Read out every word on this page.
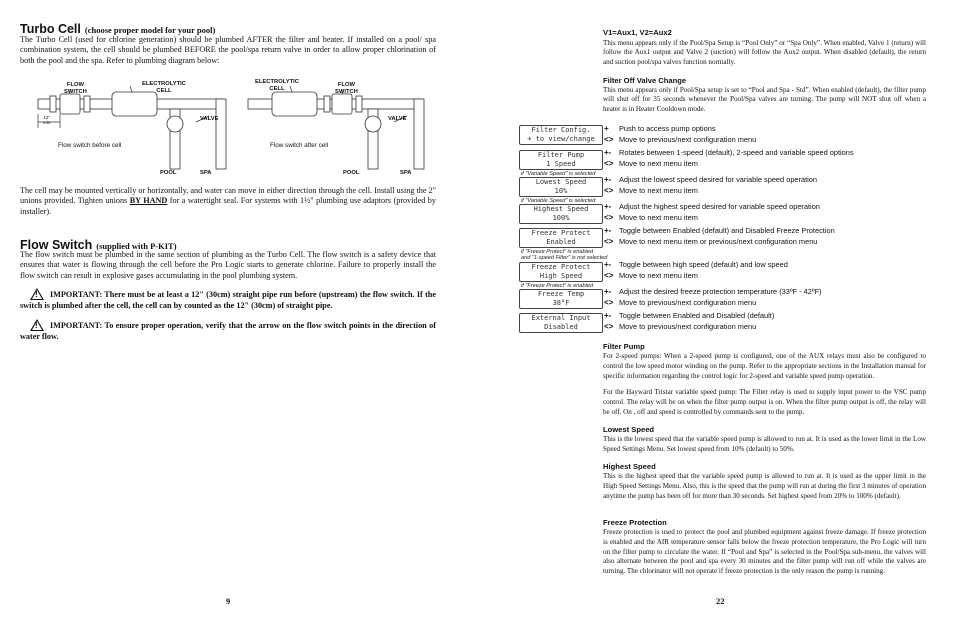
Turbo Cell (choose proper model for your pool)
The Turbo Cell (used for chlorine generation) should be plumbed AFTER the filter and heater. If installed on a pool/ spa combination system, the cell should be plumbed BEFORE the pool/spa return valve in order to allow proper chlorination of both the pool and the spa. Refer to plumbing diagram below:
FLOW
SWITCH
ELECTROLYTIC
CELL
VALVE
12"
min
POOL	SPA
Flow switch before cell
ELECTROLYTIC
CELL
FLOW
SWITCH
VALVE
POOL	SPA
Flow switch after cell
The cell may be mounted vertically or horizontally, and water can move in either direction through the cell. Install using the 2" unions provided. Tighten unions BY HAND for a watertight seal. For systems with 1½" plumbing use adaptors (provided by installer).
Flow Switch (supplied with P-KIT)
The flow switch must be plumbed in the same section of plumbing as the Turbo Cell. The flow switch is a safety device that ensures that water is flowing through the cell before the Pro Logic starts to generate chlorine. Failure to properly install the flow switch can result in explosive gases accumulating in the pool plumbing system.
!	IMPORTANT: There must be at least a 12" (30cm) straight pipe run before (upstream) the flow switch. If the switch is plumbed after the cell, the cell can by counted as the 12" (30cm) of straight pipe.
!	IMPORTANT: To ensure proper operation, verify that the arrow on the flow switch points in the direction of water flow.
9
V1=Aux1, V2=Aux2
This menu appears only if the Pool/Spa Setup is “Pool Only” or “Spa Only”. When enabled, Valve 1 (return) will follow the Aux1 output and Valve 2 (suction) will follow the Aux2 output. When disabled (default), the return and suction pool/spa valves function normally.
Filter Off Valve Change
This menu appears only if Pool/Spa setup is set to “Pool and Spa - Std”. When enabled (default), the filter pump will shut off for 35 seconds whenever the Pool/Spa valves are turning. The pump will NOT shut off when a heater is in Heater Cooldown mode.
Filter Config.
+ to view/change
+ Push to access pump options
<> Move to previous/next configuration menu
Filter Pump
1 Speed
+- Rotates between 1-speed (default), 2-speed and variable speed options
<> Move to next menu item
if "Variable Speed" is selected
Lowest Speed
10%
+- Adjust the lowest speed desired for variable speed operation
<> Move to next menu item
if "Variable Speed" is selected
Highest Speed
100%
+- Adjust the highest speed desired for variable speed operation
<> Move to next menu item
Freeze Protect
Enabled
+- Toggle between Enabled (default) and Disabled Freeze Protection
<> Move to next menu item or previous/next configuration menu
if "Freeze Protect" is enabled
and "1-speed Filter" is not selected
Freeze Protect
High Speed
+- Toggle between high speed (default) and low speed
<> Move to next menu item
if "Freeze Protect" is enabled
Freeze Temp
38°F
+- Adjust the desired freeze protection temperature (33ºF - 42ºF)
<> Move to previous/next configuration menu
External Input
Disabled
+- Toggle between Enabled and Disabled (default)
<> Move to previous/next configuration menu
Filter Pump
For 2-speed pumps: When a 2-speed pump is configured, one of the AUX relays must also be configured to control the low speed motor winding on the pump. Refer to the appropriate sections in the Installation manual for specific information regarding the control logic for 2-speed and variable speed pump operation.
For the Hayward Tristar variable speed pump: The Filter relay is used to supply input power to the VSC pump control. The relay will be on when the filter pump output is on. When the filter pump output is off, the relay will be off. On , off and speed is controlled by commands sent to the pump.
Lowest Speed
This is the lowest speed that the variable speed pump is allowed to run at. It is used as the lower limit in the Low Speed Settings Menu. Set lowest speed from 10% (default) to 50%.
Highest Speed
This is the highest speed that the variable speed pump is allowed to run at. It is used as the upper limit in the High Speed Settings Menu. Also, this is the speed that the pump will run at during the first 3 minutes of operation anytime the pump has been off for more than 30 seconds. Set highest speed from 20% to 100% (default).
Freeze Protection
Freeze protection is used to protect the pool and plumbed equipment against freeze damage. If freeze protection is enabled and the AIR temperature sensor falls below the freeze protection temperature, the Pro Logic will turn on the filter pump to circulate the water. If “Pool and Spa” is selected in the Pool/Spa sub-menu, the valves will also alternate between the pool and spa every 30 minutes and the filter pump will run off while the valves are turning. The chlorinator will not operate if freeze protection is the only reason the pump is running.
22
